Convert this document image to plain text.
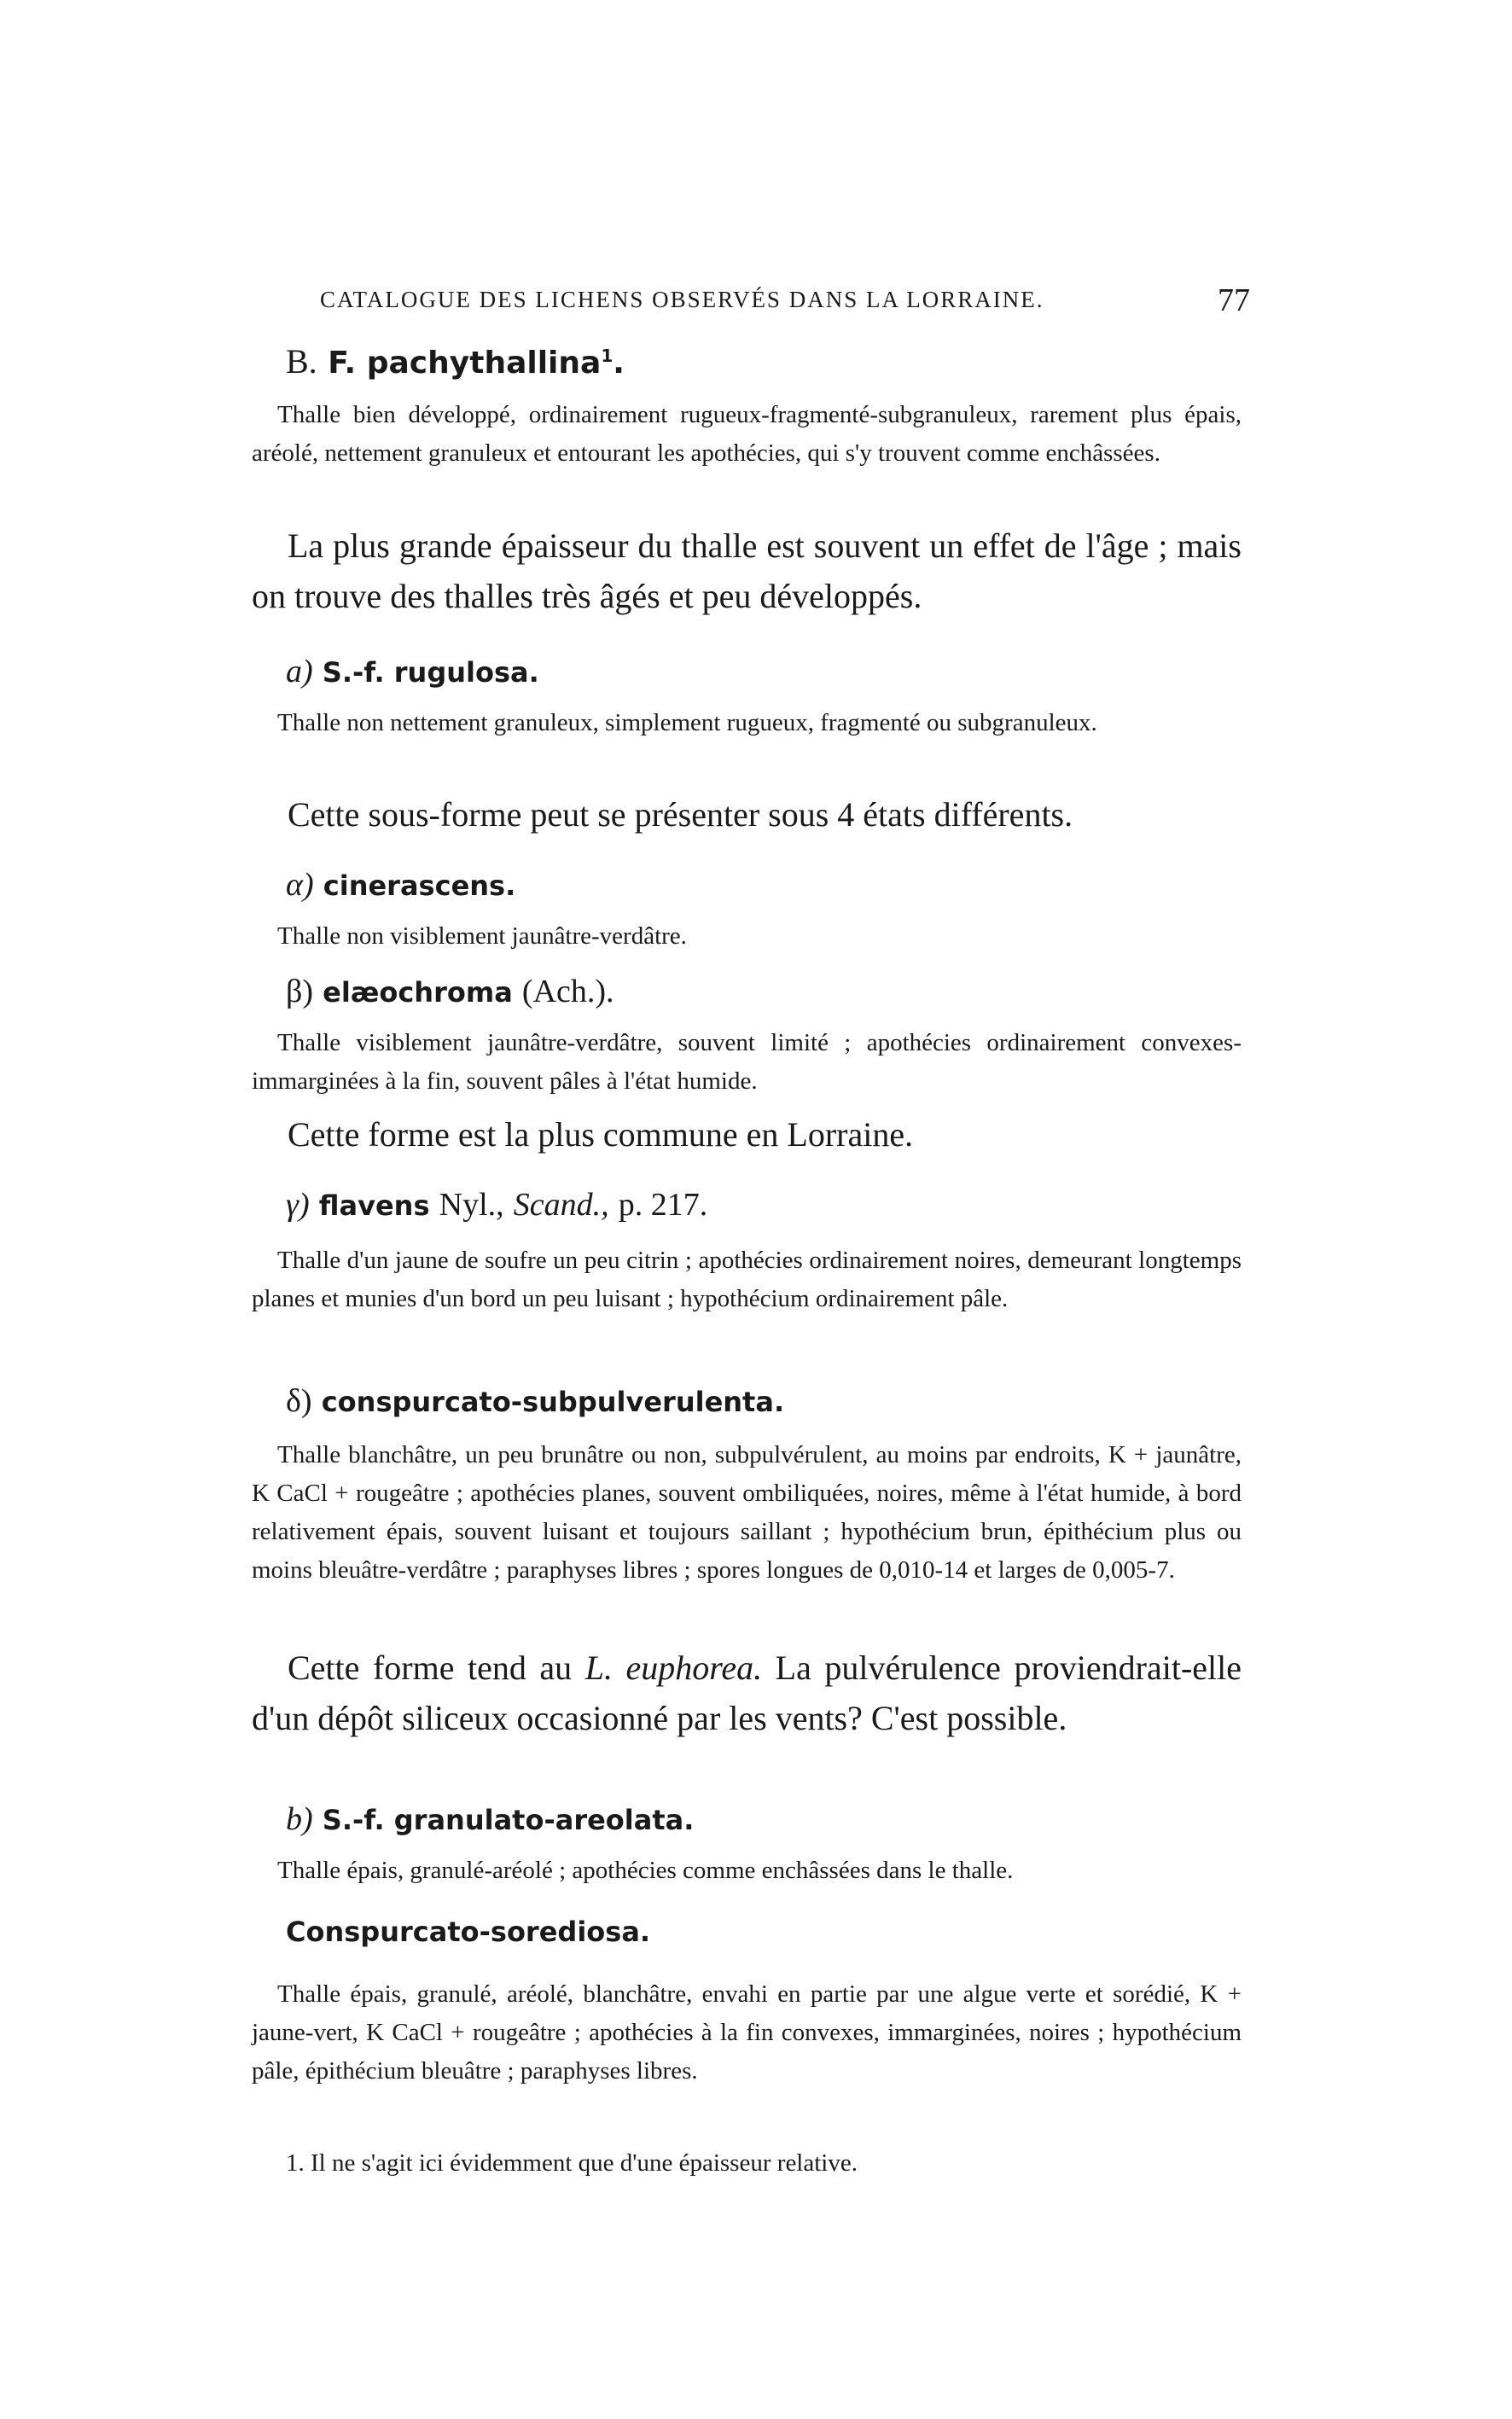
CATALOGUE DES LICHENS OBSERVÉS DANS LA LORRAINE.	77

B. F. pachythallina$^1$.

Thalle bien développé, ordinairement rugueux-fragmenté-subgranuleux, rarement plus épais, aréolé, nettement granuleux et entourant les apothécies, qui s'y trouvent comme enchâssées.

La plus grande épaisseur du thalle est souvent un effet de l'âge ; mais on trouve des thalles très âgés et peu développés.

a) S.-f. rugulosa.

Thalle non nettement granuleux, simplement rugueux, fragmenté ou subgranuleux.

Cette sous-forme peut se présenter sous 4 états différents.

α) cinerascens.

Thalle non visiblement jaunâtre-verdâtre.

β) elæochroma (Ach.).

Thalle visiblement jaunâtre-verdâtre, souvent limité ; apothécies ordinairement convexes-immarginées à la fin, souvent pâles à l'état humide.

Cette forme est la plus commune en Lorraine.

γ) flavens Nyl., Scand., p. 217.

Thalle d'un jaune de soufre un peu citrin ; apothécies ordinairement noires, demeurant longtemps planes et munies d'un bord un peu luisant ; hypothécium ordinairement pâle.

δ) conspurcato-subpulverulenta.

Thalle blanchâtre, un peu brunâtre ou non, subpulvérulent, au moins par endroits, K + jaunâtre, K CaCl + rougeâtre ; apothécies planes, souvent ombiliquées, noires, même à l'état humide, à bord relativement épais, souvent luisant et toujours saillant ; hypothécium brun, épithécium plus ou moins bleuâtre-verdâtre ; paraphyses libres ; spores longues de 0,010-14 et larges de 0,005-7.

Cette forme tend au L. euphorea. La pulvérulence proviendrait-elle d'un dépôt siliceux occasionné par les vents? C'est possible.

b) S.-f. granulato-areolata.

Thalle épais, granulé-aréolé ; apothécies comme enchâssées dans le thalle.

Conspurcato-sorediosa.

Thalle épais, granulé, aréolé, blanchâtre, envahi en partie par une algue verte et sorédié, K + jaune-vert, K CaCl + rougeâtre ; apothécies à la fin convexes, immarginées, noires ; hypothécium pâle, épithécium bleuâtre ; paraphyses libres.

1. Il ne s'agit ici évidemment que d'une épaisseur relative.
